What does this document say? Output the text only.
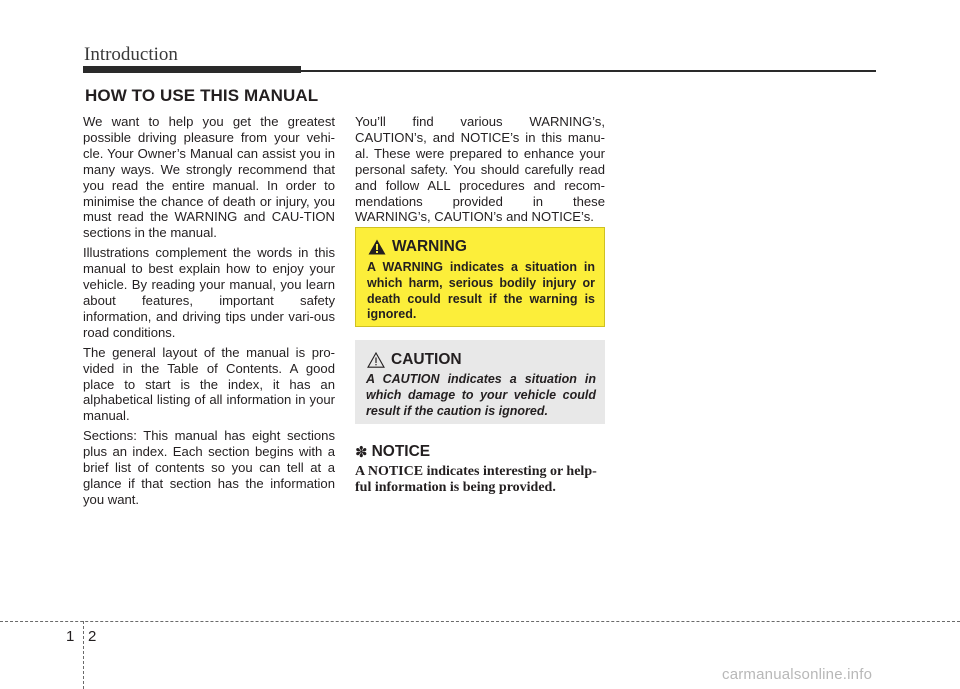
Introduction
HOW TO USE THIS MANUAL

We want to help you get the greatest possible driving pleasure from your vehi-cle. Your Owner’s Manual can assist you in many ways. We strongly recommend that you read the entire manual. In order to minimise the chance of death or injury, you must read the WARNING and CAU-TION sections in the manual.

Illustrations complement the words in this manual to best explain how to enjoy your vehicle. By reading your manual, you learn about features, important safety information, and driving tips under vari-ous road conditions.

The general layout of the manual is pro-vided in the Table of Contents. A good place to start is the index, it has an alphabetical listing of all information in your manual.

Sections: This manual has eight sections plus an index. Each section begins with a brief list of contents so you can tell at a glance if that section has the information you want.

You’ll find various WARNING’s, CAUTION’s, and NOTICE’s in this manu-al. These were prepared to enhance your personal safety. You should carefully read and follow ALL procedures and recom-mendations provided in these WARNING’s, CAUTION’s and NOTICE’s.

WARNING
A WARNING indicates a situation in which harm, serious bodily injury or death could result if the warning is ignored.
CAUTION
A CAUTION indicates a situation in which damage to your vehicle could result if the caution is ignored.
✽ NOTICE
A NOTICE indicates interesting or help-ful information is being provided.
1 2
carmanualsonline.info
